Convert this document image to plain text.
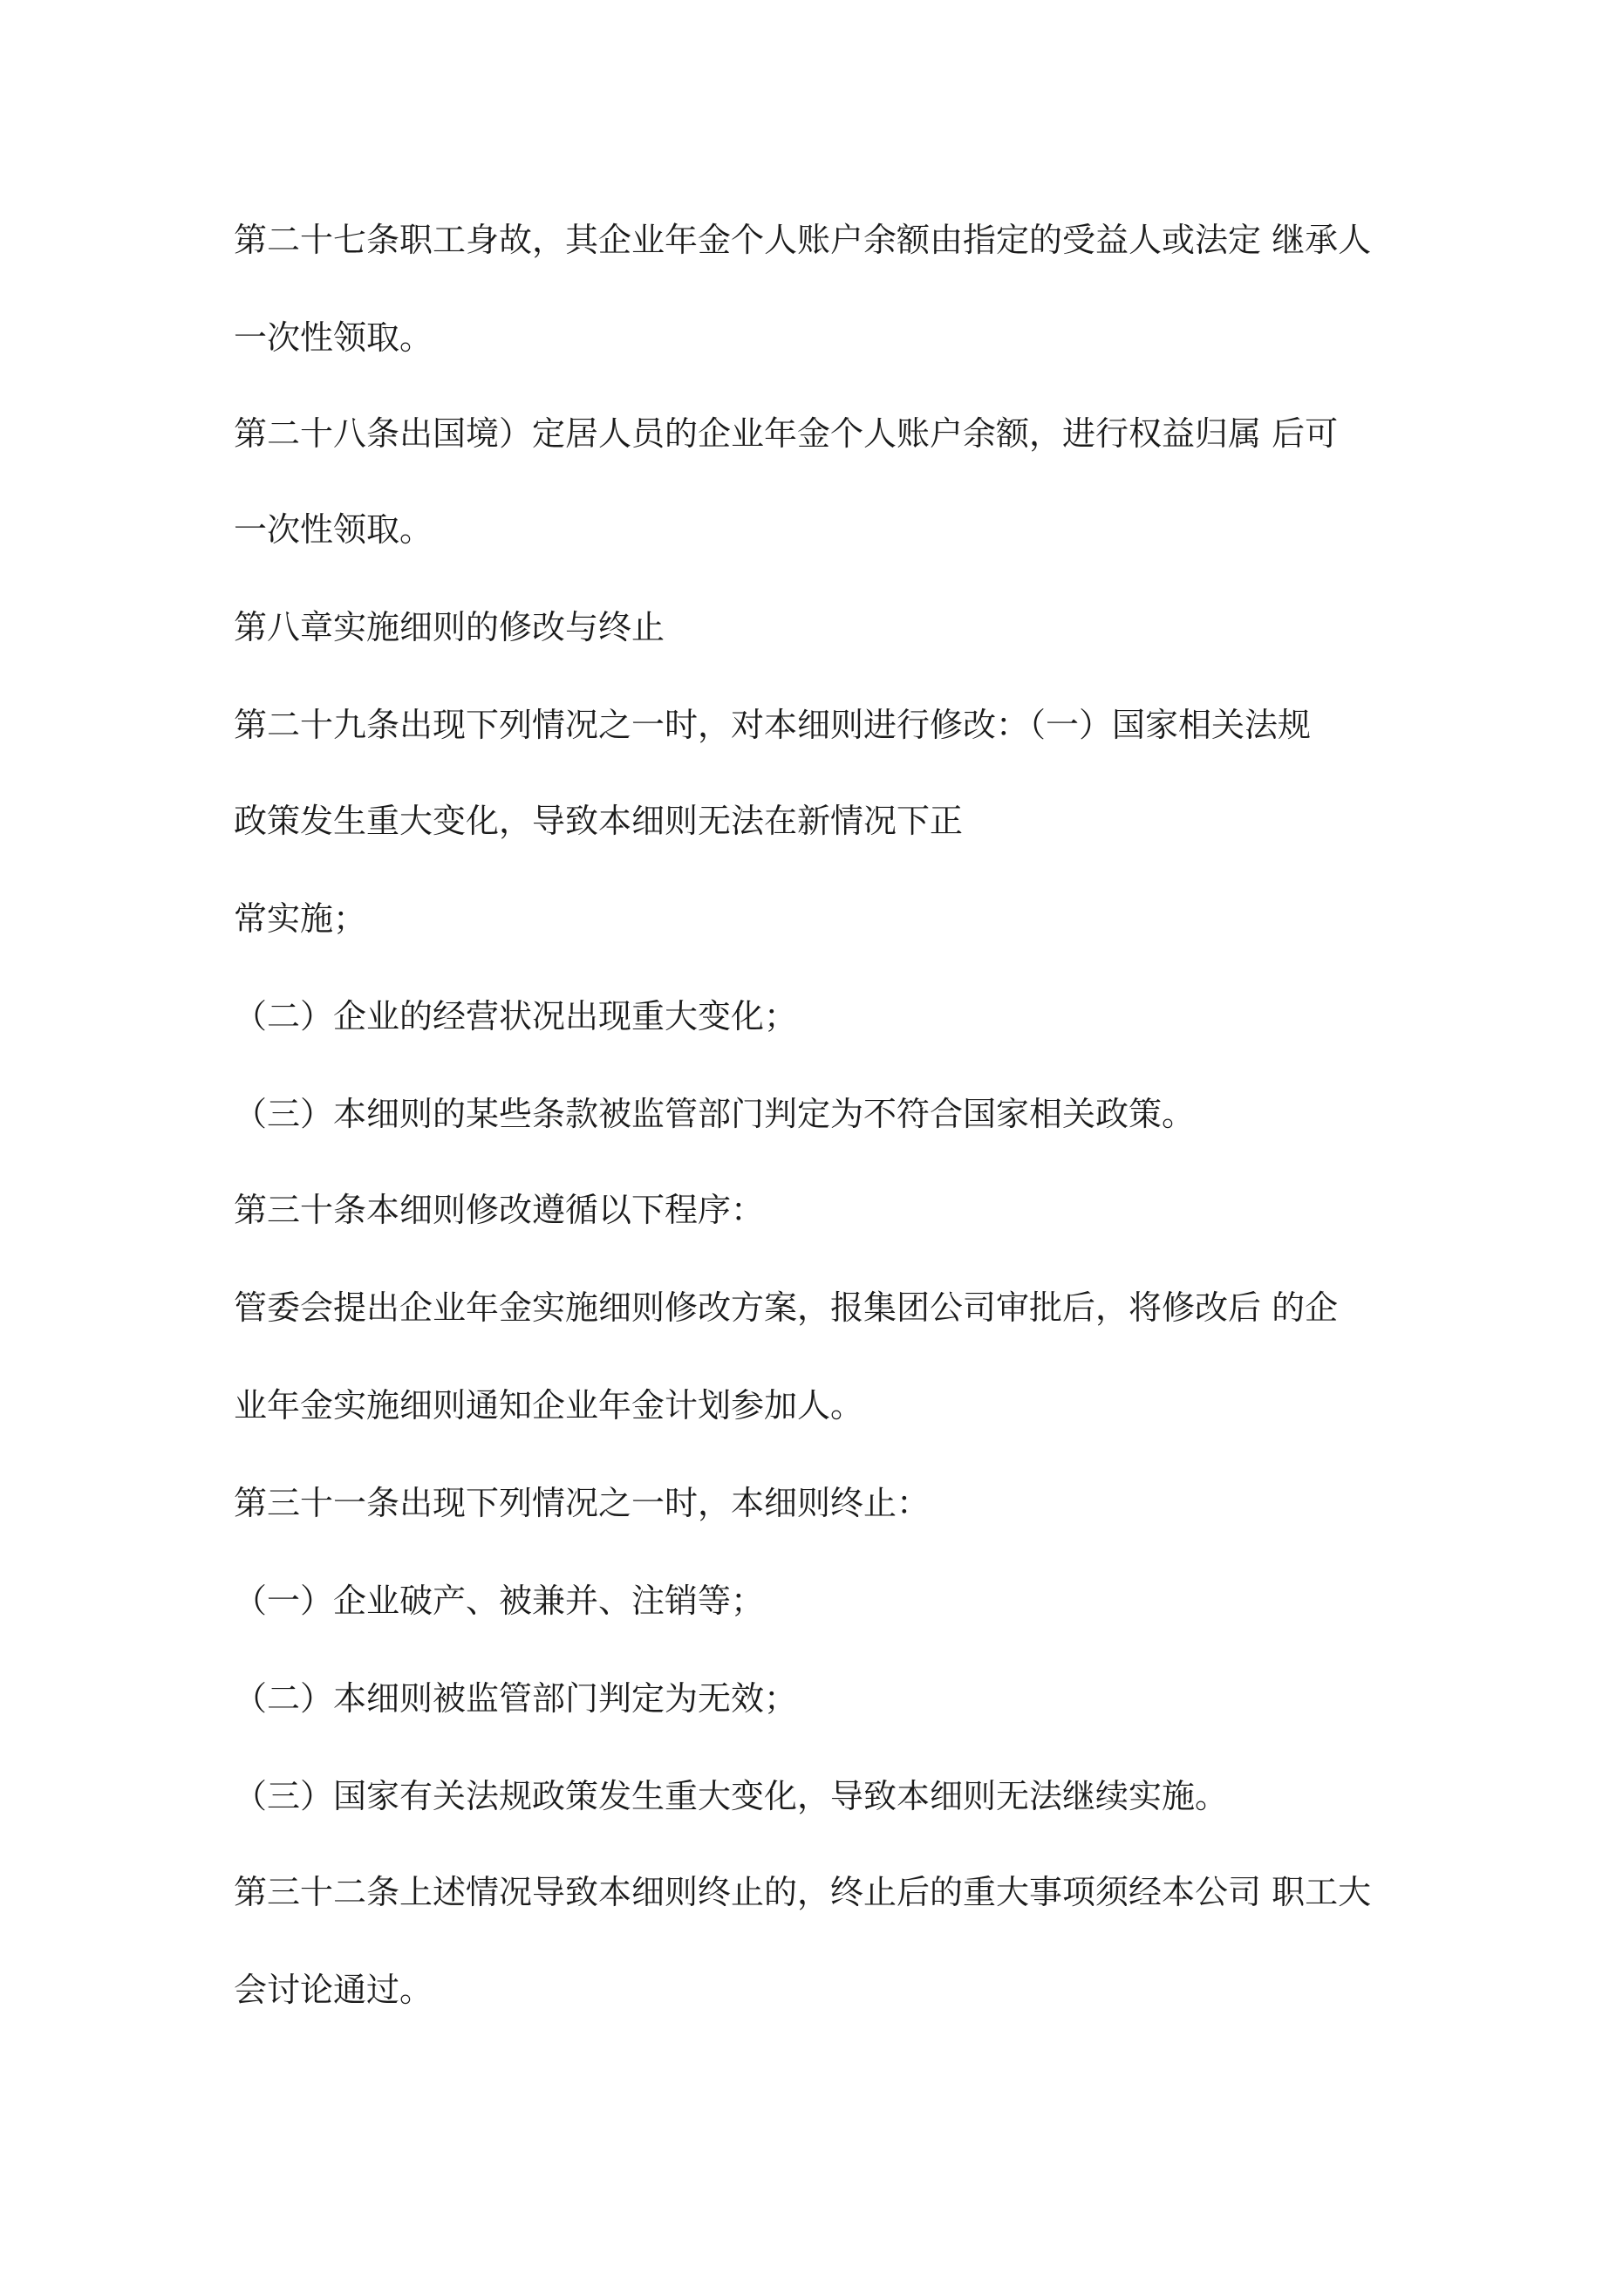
第二十七条职工身故，其企业年金个人账户余额由指定的受益人或法定 继承人
一次性领取。
第二十八条出国境）定居人员的企业年金个人账户余额，进行权益归属 后可
一次性领取。
第八章实施细则的修改与终止
第二十九条出现下列情况之一时，对本细则进行修改：（一）国家相关法规
政策发生重大变化，导致本细则无法在新情况下正
常实施；
（二）企业的经营状况出现重大变化；
（三）本细则的某些条款被监管部门判定为不符合国家相关政策。
第三十条本细则修改遵循以下程序：
管委会提出企业年金实施细则修改方案，报集团公司审批后，将修改后 的企
业年金实施细则通知企业年金计划参加人。
第三十一条出现下列情况之一时，本细则终止：
（一）企业破产、被兼并、注销等；
（二）本细则被监管部门判定为无效；
（三）国家有关法规政策发生重大变化，导致本细则无法继续实施。
第三十二条上述情况导致本细则终止的，终止后的重大事项须经本公司 职工大
会讨论通过。
